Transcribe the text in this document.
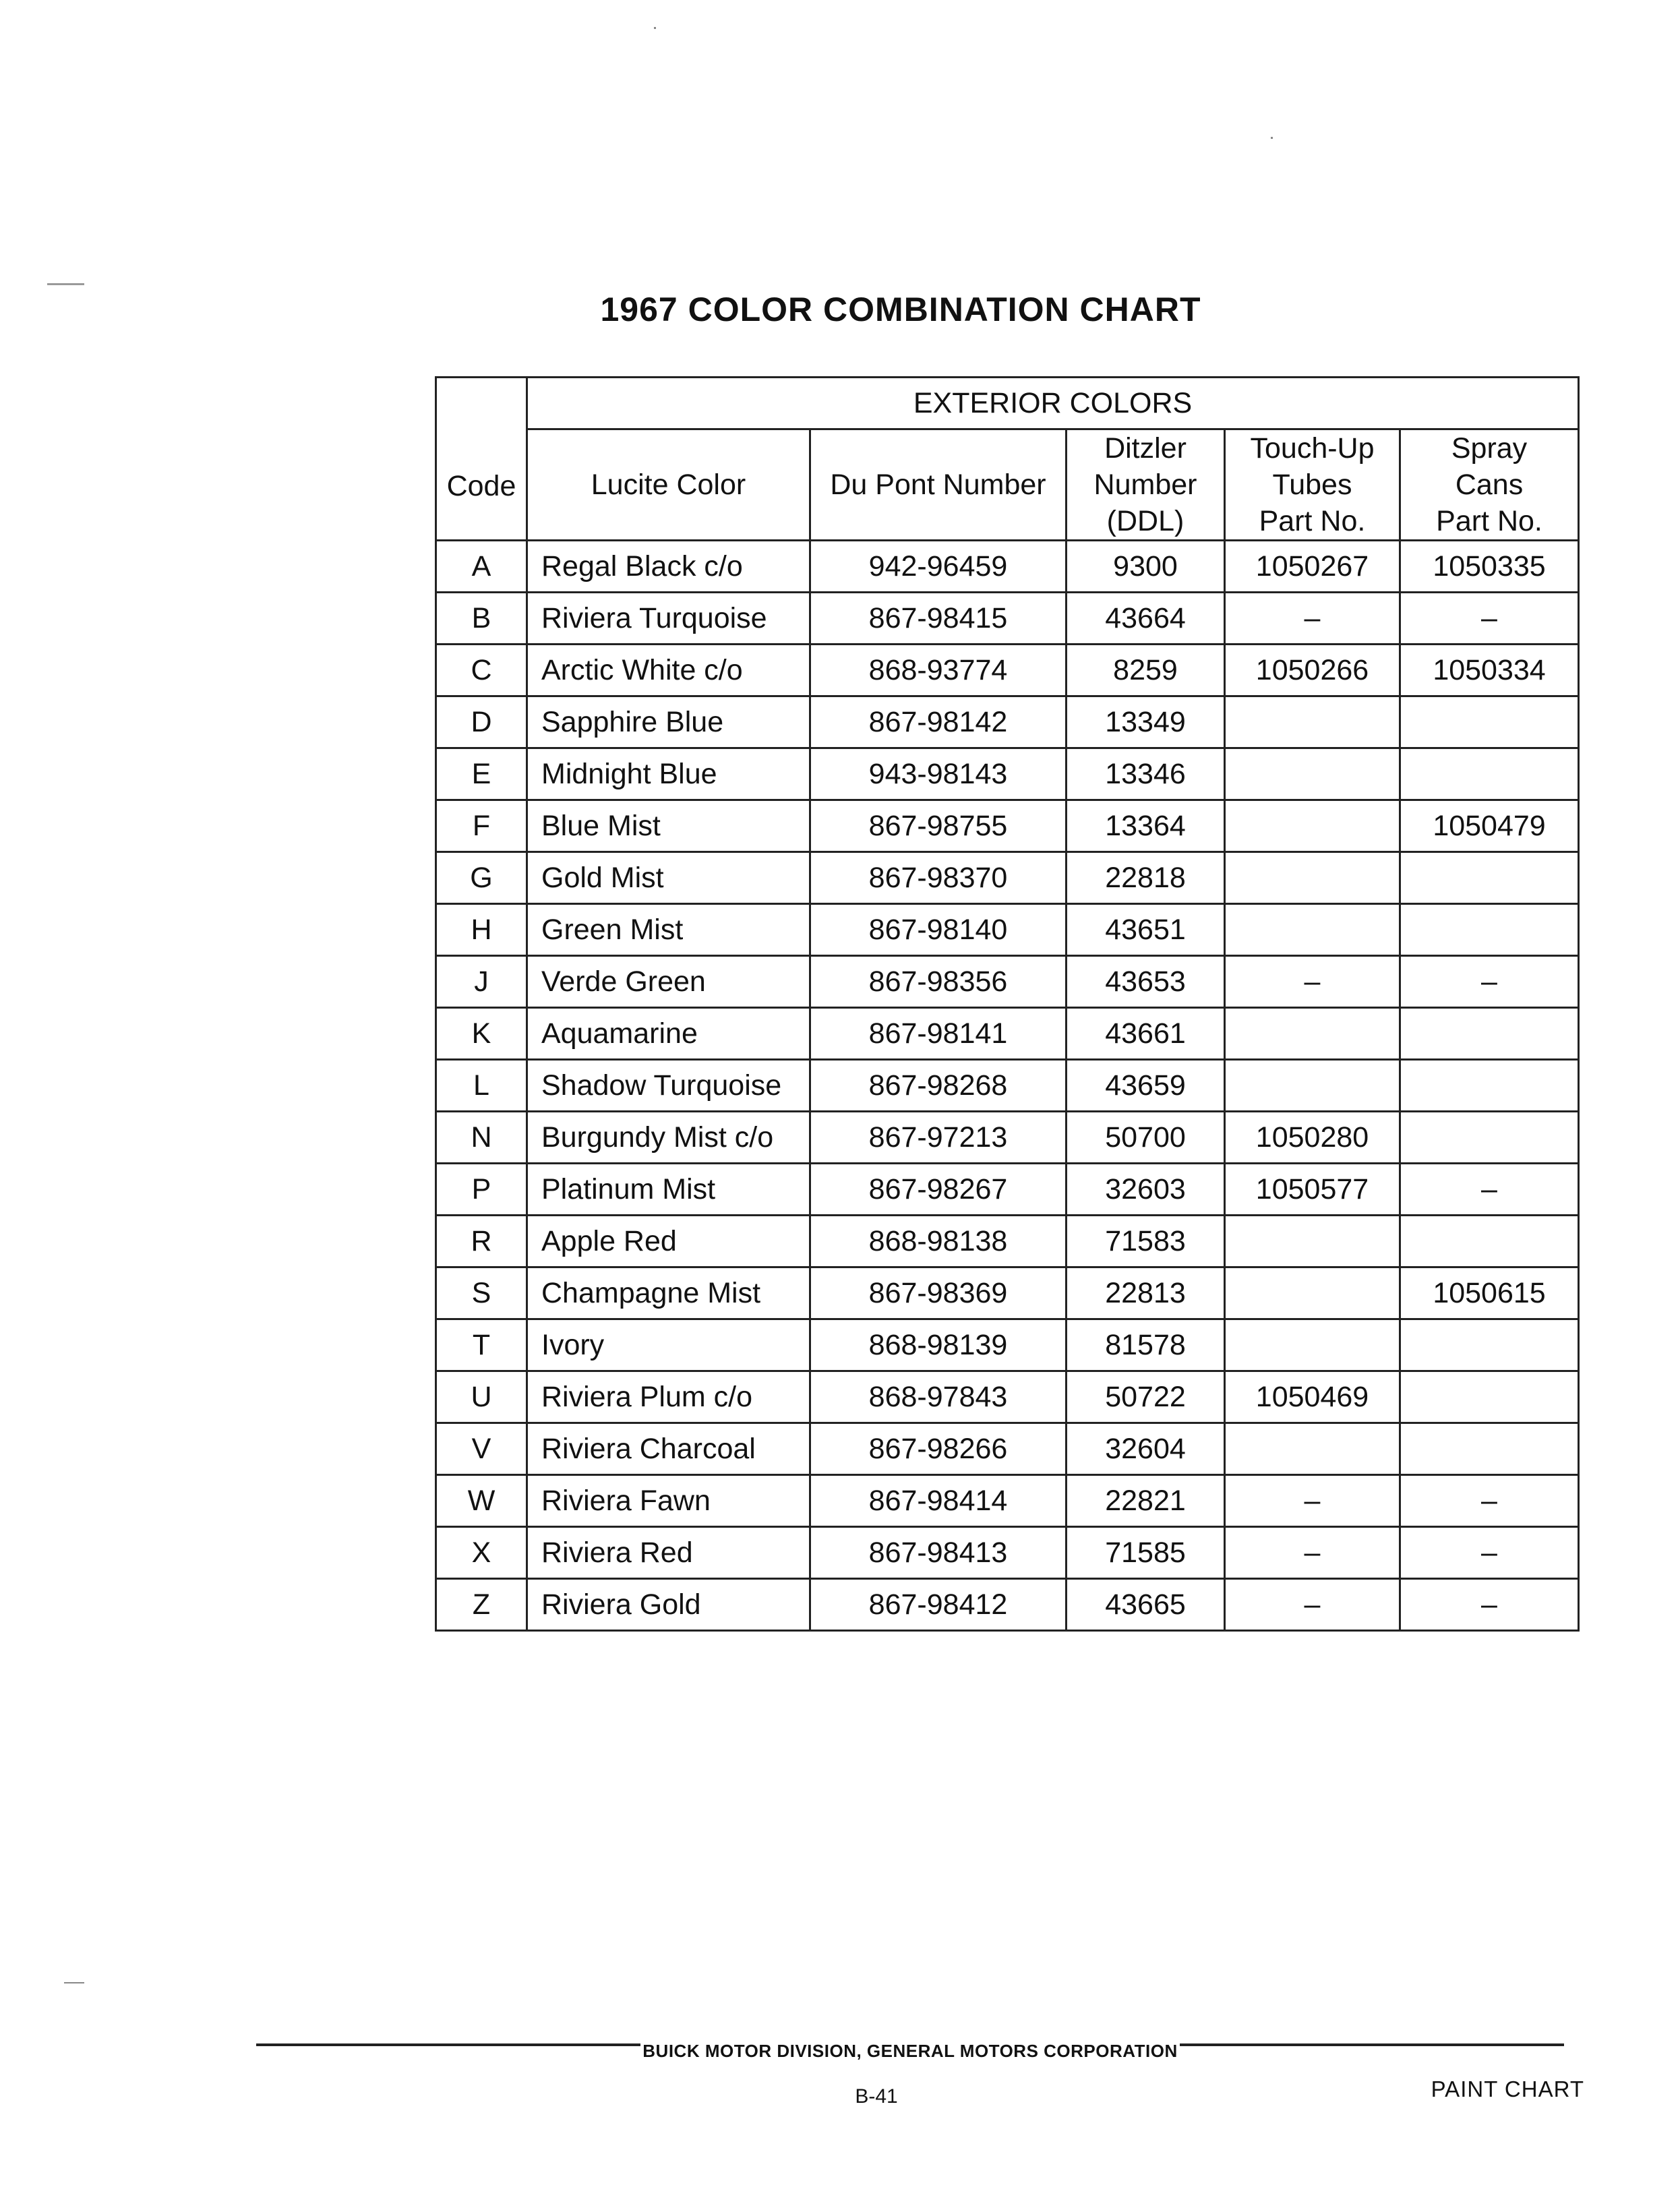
1967 COLOR COMBINATION CHART
Code	EXTERIOR COLORS				
	Lucite Color	Du Pont Number	Ditzler
Number
(DDL)	Touch-Up
Tubes
Part No.	Spray
Cans
Part No.
A	Regal Black c/o	942-96459	9300	1050267	1050335
B	Riviera Turquoise	867-98415	43664	–	–
C	Arctic White c/o	868-93774	8259	1050266	1050334
D	Sapphire Blue	867-98142	13349		
E	Midnight Blue	943-98143	13346		
F	Blue Mist	867-98755	13364		1050479
G	Gold Mist	867-98370	22818		
H	Green Mist	867-98140	43651		
J	Verde Green	867-98356	43653	–	–
K	Aquamarine	867-98141	43661		
L	Shadow Turquoise	867-98268	43659		
N	Burgundy Mist c/o	867-97213	50700	1050280	
P	Platinum Mist	867-98267	32603	1050577	–
R	Apple Red	868-98138	71583		
S	Champagne Mist	867-98369	22813		1050615
T	Ivory	868-98139	81578		
U	Riviera Plum c/o	868-97843	50722	1050469	
V	Riviera Charcoal	867-98266	32604		
W	Riviera Fawn	867-98414	22821	–	–
X	Riviera Red	867-98413	71585	–	–
Z	Riviera Gold	867-98412	43665	–	–
BUICK MOTOR DIVISION, GENERAL MOTORS CORPORATION
B-41	PAINT CHART
